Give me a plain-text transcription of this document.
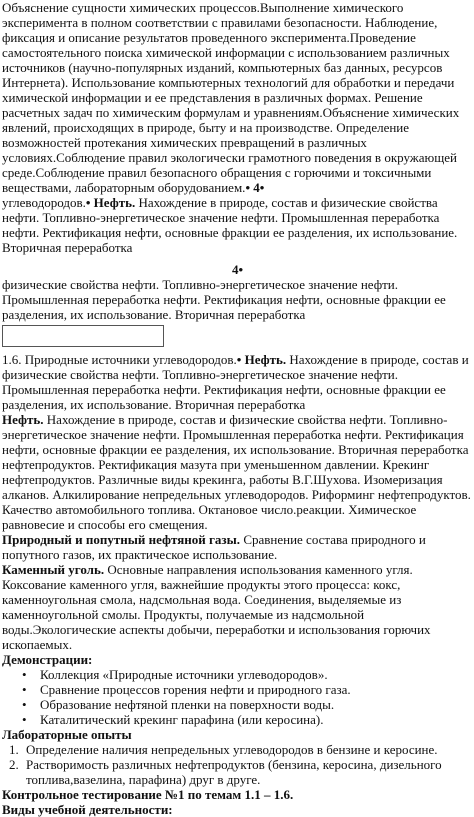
Объяснение сущности химических процессов.Выполнение химического эксперимента в полном соответствии с правилами безопасности. Наблюдение, фиксация и описание результатов проведенного эксперимента.Проведение самостоятельного поиска химической информации с использованием различных источников (научно-популярных изданий, компьютерных баз данных, ресурсов Интернета). Использование компьютерных технологий для обработки и передачи химической информации и ее представления в различных формах. Решение расчетных задач по химическим формулам и уравнениям.Объяснение химических явлений, происходящих в природе, быту и на производстве. Определение возможностей протекания химических превращений в различных условиях.Соблюдение правил экологически грамотного поведения в окружающей среде.Соблюдение правил безопасного обращения с горючими и токсичными веществами, лабораторным оборудованием.• 4•

углеводородов.• Нефть. Нахождение в природе, состав и физические свойства нефти. Топливно-энергетическое значение нефти. Промышленная переработка нефти. Ректификация нефти, основные фракции ее разделения, их использование. Вторичная переработка

4•

физические свойства нефти. Топливно-энергетическое значение нефти. Промышленная переработка нефти. Ректификация нефти, основные фракции ее разделения, их использование. Вторичная переработка

1.6. Природные источники углеводородов.• Нефть. Нахождение в природе, состав и физические свойства нефти. Топливно-энергетическое значение нефти. Промышленная переработка нефти. Ректификация нефти, основные фракции ее разделения, их использование. Вторичная переработка

Нефть. Нахождение в природе, состав и физические свойства нефти. Топливно-энергетическое значение нефти. Промышленная переработка нефти. Ректификация нефти, основные фракции ее разделения, их использование. Вторичная переработка нефтепродуктов. Ректификация мазута при уменьшенном давлении. Крекинг нефтепродуктов. Различные виды крекинга, работы В.Г.Шухова. Изомеризация алканов. Алкилирование непредельных углеводородов. Риформинг нефтепродуктов. Качество автомобильного топлива. Октановое число.реакции. Химическое равновесие и способы его смещения.

Природный и попутный нефтяной газы. Сравнение состава природного и попутного газов, их практическое использование.

Каменный уголь. Основные направления использования каменного угля. Коксование каменного угля, важнейшие продукты этого процесса: кокс, каменноугольная смола, надсмольная вода. Соединения, выделяемые из каменноугольной смолы. Продукты, получаемые из надсмольной воды.Экологические аспекты добычи, переработки и использования горючих ископаемых.

Демонстрации:

• Коллекция «Природные источники углеводородов».
• Сравнение процессов горения нефти и природного газа.
• Образование нефтяной пленки на поверхности воды.
• Каталитический крекинг парафина (или керосина).

Лабораторные опыты

1. Определение наличия непредельных углеводородов в бензине и керосине.
2. Растворимость различных нефтепродуктов (бензина, керосина, дизельного топлива,вазелина, парафина) друг в друге.

Контрольное тестирование №1 по темам 1.1 – 1.6.

Виды учебной деятельности:
